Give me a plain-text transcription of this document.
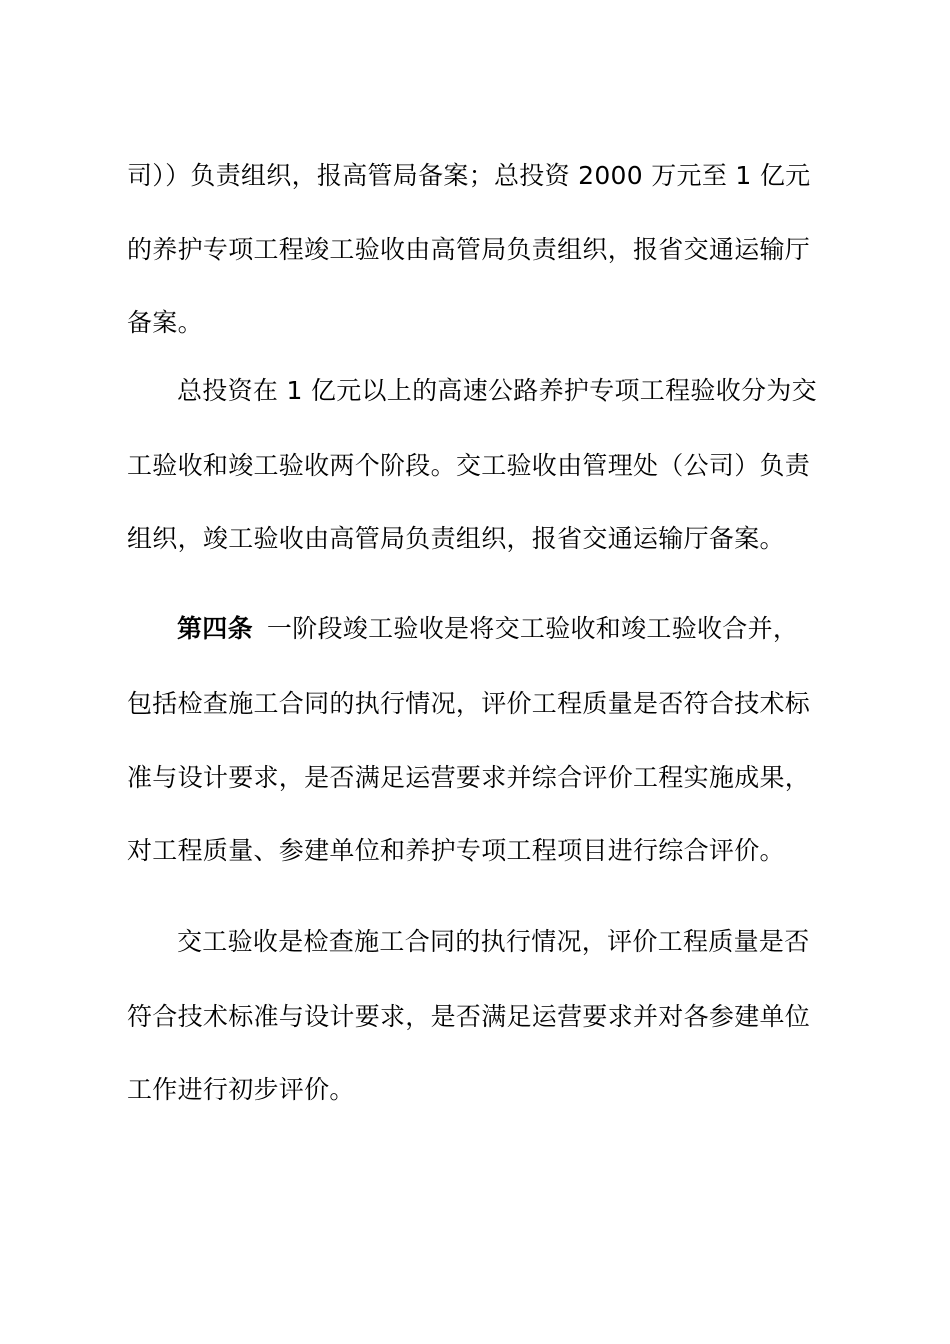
司））负责组织，报高管局备案；总投资 2000 万元至 1 亿元
的养护专项工程竣工验收由高管局负责组织，报省交通运输厅
备案。
总投资在 1 亿元以上的高速公路养护专项工程验收分为交
工验收和竣工验收两个阶段。交工验收由管理处（公司）负责
组织，竣工验收由高管局负责组织，报省交通运输厅备案。
第四条 一阶段竣工验收是将交工验收和竣工验收合并，
包括检查施工合同的执行情况，评价工程质量是否符合技术标
准与设计要求，是否满足运营要求并综合评价工程实施成果，
对工程质量、参建单位和养护专项工程项目进行综合评价。
交工验收是检查施工合同的执行情况，评价工程质量是否
符合技术标准与设计要求，是否满足运营要求并对各参建单位
工作进行初步评价。
